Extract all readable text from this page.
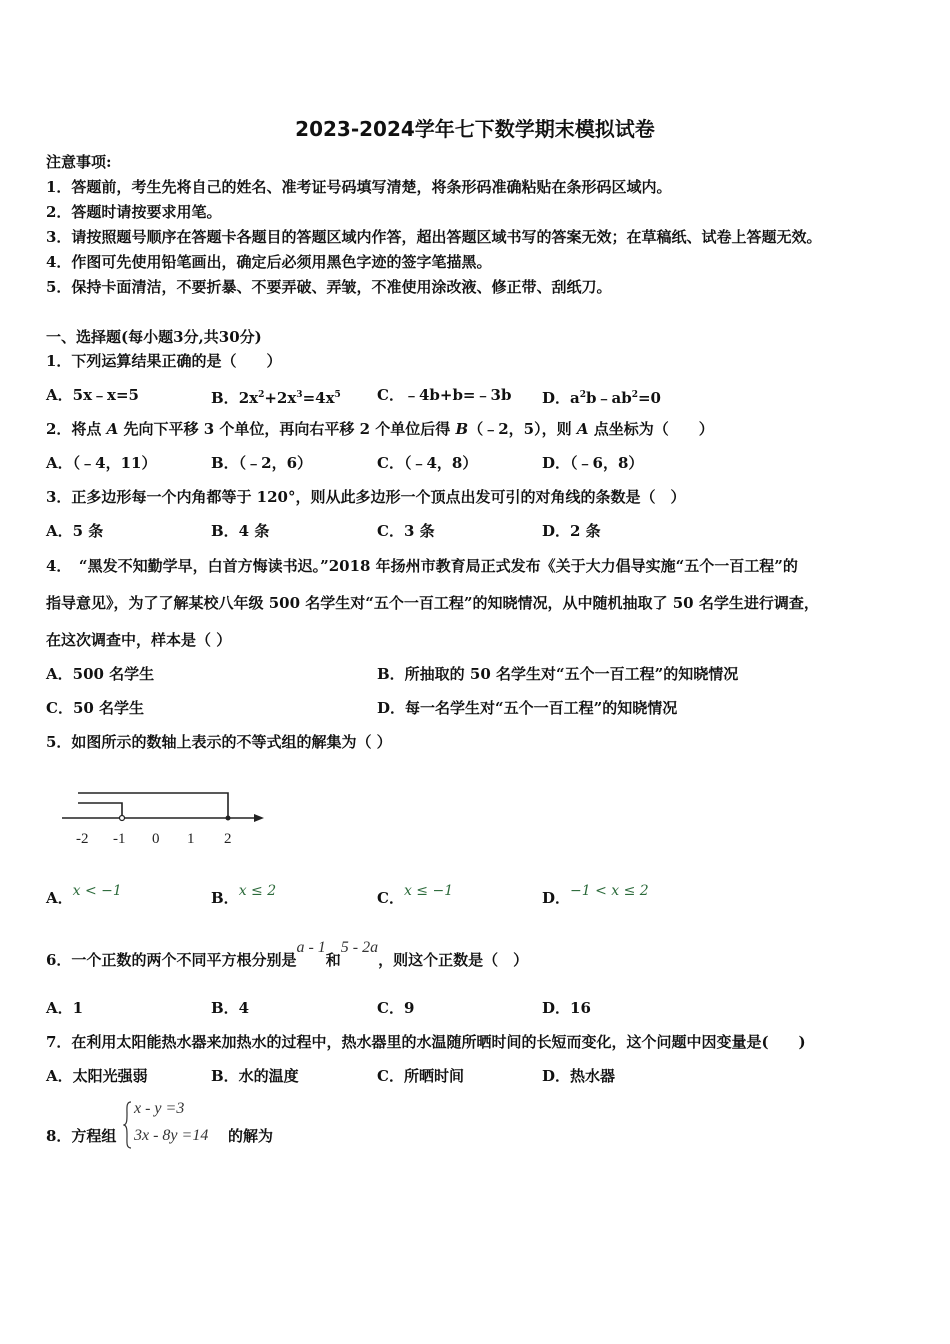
2023-2024学年七下数学期末模拟试卷
注意事项:
1．答题前，考生先将自己的姓名、准考证号码填写清楚，将条形码准确粘贴在条形码区域内。
2．答题时请按要求用笔。
3．请按照题号顺序在答题卡各题目的答题区域内作答，超出答题区域书写的答案无效；在草稿纸、试卷上答题无效。
4．作图可先使用铅笔画出，确定后必须用黑色字迹的签字笔描黑。
5．保持卡面清洁，不要折暴、不要弄破、弄皱，不准使用涂改液、修正带、刮纸刀。
一、选择题(每小题3分,共30分)
1．下列运算结果正确的是（　　）
A．5x﹣x=5	B．$2x^2+2x^3=4x^5$ C．﹣4b+b=﹣3b D．$a^2b﹣ab^2=0$
2．将点 A 先向下平移 3 个单位，再向右平移 2 个单位后得 B（﹣2，5），则 A 点坐标为（　　）
A．（﹣4，11）	B．（﹣2，6）	C．（﹣4，8）	D．（﹣6，8）
3．正多边形每一个内角都等于 120°，则从此多边形一个顶点出发可引的对角线的条数是（　）
A．5 条	B．4 条	C．3 条	D．2 条
4．　“黑发不知勤学早，白首方悔读书迟。”2018 年扬州市教育局正式发布《关于大力倡导实施“五个一百工程”的
指导意见》，为了了解某校八年级 500 名学生对“五个一百工程”的知晓情况，从中随机抽取了 50 名学生进行调查，
在这次调查中，样本是（ ）
A．500 名学生	B．所抽取的 50 名学生对“五个一百工程”的知晓情况
C．50 名学生	D．每一名学生对“五个一百工程”的知晓情况
5．如图所示的数轴上表示的不等式组的解集为（ ）
-2 -1 0 1 2
A．x < −1	B．x ≤ 2	C．x ≤ −1	D．−1 < x ≤ 2
6．一个正数的两个不同平方根分别是a - 1和5 - 2a，则这个正数是（　）
A．1	B．4	C．9	D．16
7．在利用太阳能热水器来加热水的过程中，热水器里的水温随所晒时间的长短而变化，这个问题中因变量是(　　)
A．太阳光强弱	B．水的温度	C．所晒时间	D．热水器
8．方程组
x - y =3
3x - 8y =14 的解为
